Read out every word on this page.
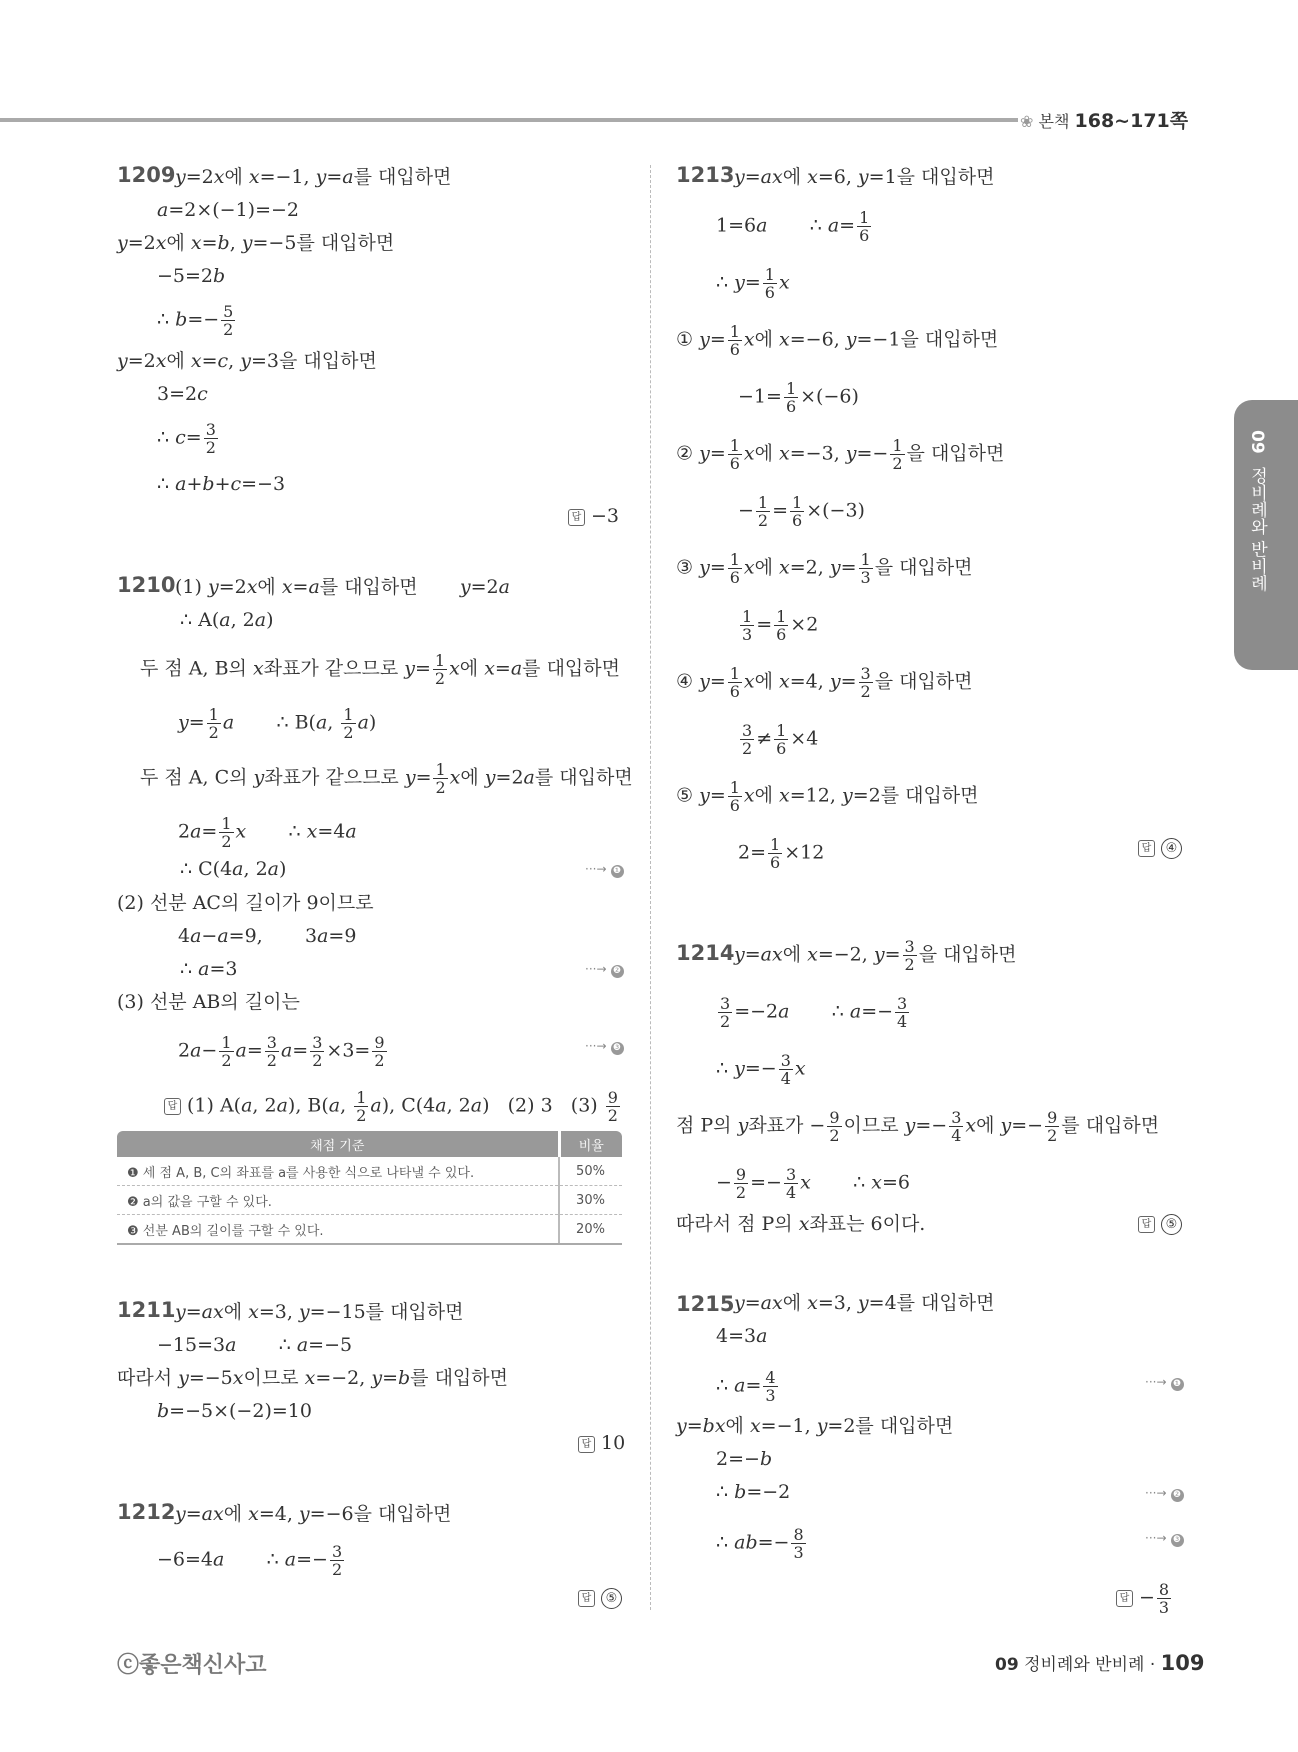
❀ 본책 168~171쪽
09 정비례와 반비례
1209 y=2x에 x=−1, y=a를 대입하면
a=2×(−1)=−2
y=2x에 x=b, y=−5를 대입하면
−5=2b
∴ $b=- \frac{5}{2}$
y=2x에 x=c, y=3을 대입하면
3=2c
∴ $c= \frac{3}{2}$
∴ a+b+c=−3
답 −3
1210 (1) y=2x에 x=a를 대입하면       y=2a
∴ A(a, 2a)
두 점 A, B의 x좌표가 같으므로 $y= \frac{1}{2}$ x에 x=a를 대입하면
$y= \frac{1}{2}$ a       ∴ B(a, $\frac{1}{2} a$)
두 점 A, C의 y좌표가 같으므로 $y= \frac{1}{2}$ x에 y=2a를 대입하면
$2a= \frac{1}{2}$ x       ∴ x=4a
∴ C(4a, 2a)	···→ ❶
(2) 선분 AC의 길이가 9이므로
4a−a=9,       3a=9
∴ a=3	···→ ❷
(3) 선분 AB의 길이는
$2a- \frac{1}{2} a= \frac{3}{2} a= \frac{3}{2} \times 3= \frac{9}{2}$	···→ ❸
답 (1) A(a, 2a), B(a, $\frac{1}{2} a$), C(4a, 2a)   (2) 3   $(3) \frac{9}{2}$
채점 기준	비율
❶ 세 점 A, B, C의 좌표를 a를 사용한 식으로 나타낼 수 있다.	50%
❷ a의 값을 구할 수 있다.	30%
❸ 선분 AB의 길이를 구할 수 있다.	20%
1211 y=ax에 x=3, y=−15를 대입하면
−15=3a       ∴ a=−5
따라서 y=−5x이므로 x=−2, y=b를 대입하면
b=−5×(−2)=10
답 10
1212 y=ax에 x=4, y=−6을 대입하면
−6=4a       ∴ $a=- \frac{3}{2}$
답 ⑤
1213 y=ax에 x=6, y=1을 대입하면
1=6a       ∴ $a= \frac{1}{6}$
∴ $y= \frac{1}{6}$ x
① $y= \frac{1}{6}$ x에 x=−6, y=−1을 대입하면
$-1= \frac{1}{6} \times(-6)$
② $y= \frac{1}{6}$ x에 x=−3, $y=- \frac{1}{2}$ 을 대입하면
− $\frac{1}{2} = \frac{1}{6} \times(-3)$
③ $y= \frac{1}{6}$ x에 x=2, $y= \frac{1}{3}$ 을 대입하면
$\frac{1}{3} = \frac{1}{6} \times 2$
④ $y= \frac{1}{6}$ x에 x=4, $y= \frac{3}{2}$ 을 대입하면
$\frac{3}{2} \ne \frac{1}{6} \times 4$
⑤ $y= \frac{1}{6}$ x에 x=12, y=2를 대입하면
$2= \frac{1}{6} \times 12$	답 ④
1214 y=ax에 x=−2, $y= \frac{3}{2}$ 을 대입하면
$\frac{3}{2} =-2a$       ∴ $a=- \frac{3}{4}$
∴ $y=- \frac{3}{4}$ x
점 P의 y좌표가 − $\frac{9}{2}$ 이므로 $y=- \frac{3}{4}$ x에 $y=- \frac{9}{2}$ 를 대입하면
− $\frac{9}{2} =- \frac{3}{4}$ x       ∴ x=6
따라서 점 P의 x좌표는 6이다.	답 ⑤
1215 y=ax에 x=3, y=4를 대입하면
4=3a
∴ $a= \frac{4}{3}$	···→ ❶
y=bx에 x=−1, y=2를 대입하면
2=−b
∴ b=−2	···→ ❷
∴ $ab=- \frac{8}{3}$	···→ ❸
답 − $\frac{8}{3}$
ⓒ좋은책신사고	09 정비례와 반비례 · 109
